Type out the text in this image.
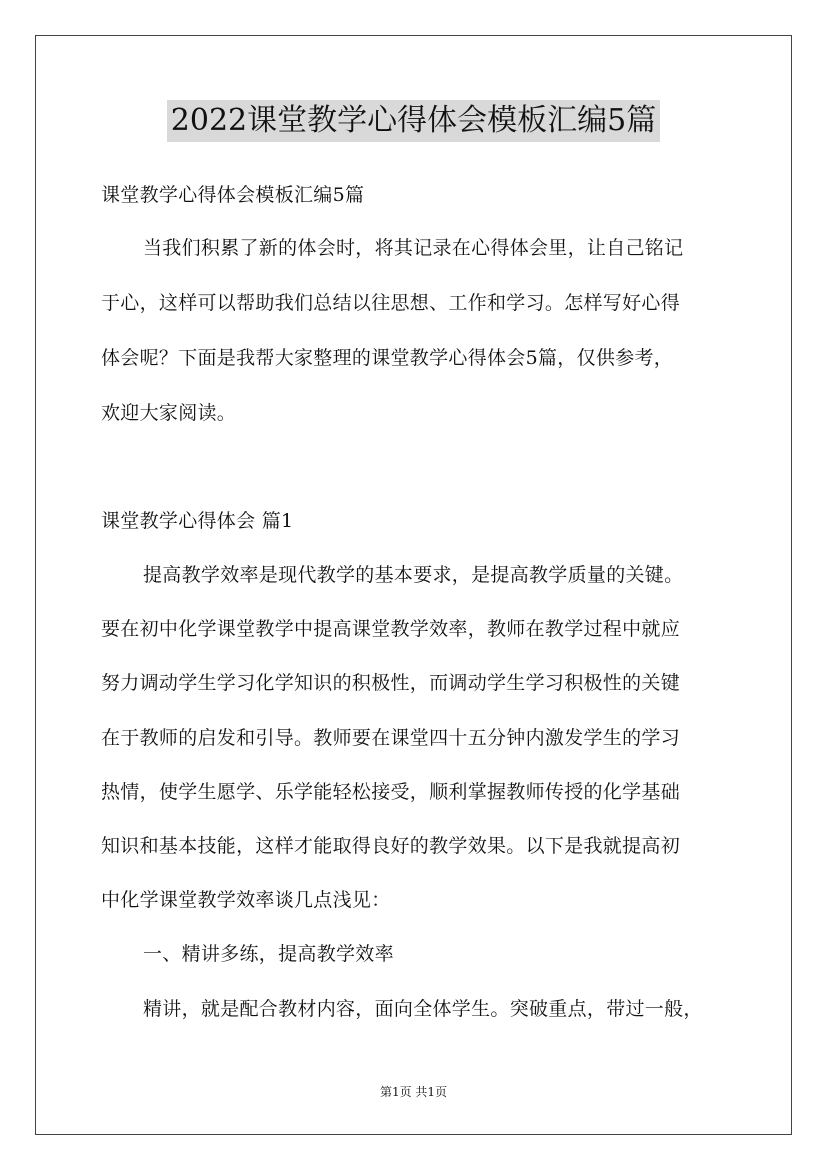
2022课堂教学心得体会模板汇编5篇
课堂教学心得体会模板汇编5篇
当我们积累了新的体会时，将其记录在心得体会里，让自己铭记
于心，这样可以帮助我们总结以往思想、工作和学习。怎样写好心得
体会呢？下面是我帮大家整理的课堂教学心得体会5篇，仅供参考，
欢迎大家阅读。
课堂教学心得体会 篇1
提高教学效率是现代教学的基本要求，是提高教学质量的关键。
要在初中化学课堂教学中提高课堂教学效率，教师在教学过程中就应
努力调动学生学习化学知识的积极性，而调动学生学习积极性的关键
在于教师的启发和引导。教师要在课堂四十五分钟内激发学生的学习
热情，使学生愿学、乐学能轻松接受，顺利掌握教师传授的化学基础
知识和基本技能，这样才能取得良好的教学效果。以下是我就提高初
中化学课堂教学效率谈几点浅见：
一、精讲多练，提高教学效率
精讲，就是配合教材内容，面向全体学生。突破重点，带过一般，
第1页 共1页
